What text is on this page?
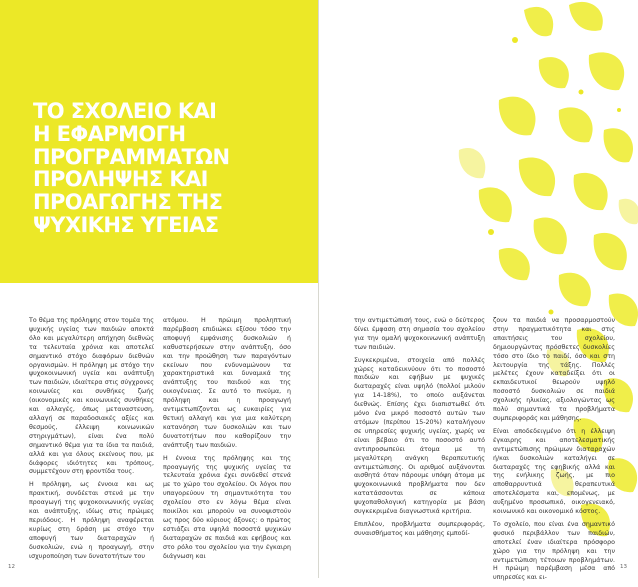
ΤΟ ΣΧΟΛΕΙΟ ΚΑΙ
Η ΕΦΑΡΜΟΓΗ
ΠΡΟΓΡΑΜΜΑΤΩΝ
ΠΡΟΛΗΨΗΣ ΚΑΙ
ΠΡΟΑΓΩΓΗΣ ΤΗΣ
ΨΥΧΙΚΗΣ ΥΓΕΙΑΣ

Το θέμα της πρόληψης στον τομέα της ψυχικής υγείας των παιδιών αποκτά όλο και μεγαλύτερη απήχηση διεθνώς τα τελευταία χρόνια και αποτελεί σημαντικό στόχο διαφόρων διεθνών οργανισμών. Η πρόληψη με στόχο την ψυχοκοινωνική υγεία και ανάπτυξη των παιδιών, ιδιαίτερα στις σύγχρονες κοινωνίες και συνθήκες ζωής (οικονομικές και κοινωνικές συνθήκες και αλλαγές, όπως μεταναστευση, αλλαγή σε παραδοσιακές αξίες και θεσμούς, έλλειψη κοινωνικών στηριγμάτων), είναι ένα πολύ σημαντικό θέμα για τα ίδια τα παιδιά, αλλά και για όλους εκείνους που, με διάφορες ιδιότητες και τρόπους, συμμετέχουν στη φροντίδα τους.

Η πρόληψη, ως έννοια και ως πρακτική, συνδέεται στενά με την προαγωγή της ψυχοκοινωνικής υγείας και ανάπτυξης, ιδίως στις πρώιμες περιόδους. Η πρόληψη αναφέρεται κυρίως στη δράση με στόχο την αποφυγή των διαταραχών ή δυσκολιών, ενώ η προαγωγή, στην ισχυροποίηση των δυνατοτήτων του

ατόμου. Η πρώιμη προληπτική παρέμβαση επιδιώκει εξίσου τόσο την αποφυγή εμφάνισης δυσκολιών ή καθυστερήσεων στην ανάπτυξη, όσο και την προώθηση των παραγόντων εκείνων που ενδυναμώνουν τα χαρακτηριστικά και δυναμικά της ανάπτυξης του παιδιού και της οικογένειας. Σε αυτό το πνεύμα, η πρόληψη και η προαγωγή αντιμετωπίζονται ως ευκαιρίες για θετική αλλαγή και για μια καλύτερη κατανόηση των δυσκολιών και των δυνατοτήτων που καθορίζουν την ανάπτυξη των παιδιών.

Η έννοια της πρόληψης και της προαγωγής της ψυχικής υγείας τα τελευταία χρόνια έχει συνδεθεί στενά με το χώρο του σχολείου. Οι λόγοι που υπαγορεύουν τη σημαντικότητα του σχολείου στο εν λόγω θέμα είναι ποικίλοι και μπορούν να συνοψιστούν ως προς δύο κύριους άξονες: ο πρώτος εστιάζει στα υψηλά ποσοστά ψυχικών διαταραχών σε παιδιά και εφήβους και στο ρόλο του σχολείου για την έγκαιρη διάγνωση και

την αντιμετώπισή τους, ενώ ο δεύτερος δίνει έμφαση στη σημασία του σχολείου για την ομαλή ψυχοκοινωνική ανάπτυξη των παιδιών.

Συγκεκριμένα, στοιχεία από πολλές χώρες καταδεικνύουν ότι το ποσοστό παιδιών και εφήβων με ψυχικές διαταραχές είναι υψηλό (πολλοί μιλούν για 14-18%), το οποίο αυξάνεται διεθνώς. Επίσης έχει διαπιστωθεί ότι μόνο ένα μικρό ποσοστό αυτών των ατόμων (περίπου 15-20%) καταλήγουν σε υπηρεσίες ψυχικής υγείας, χωρίς να είναι βέβαιο ότι το ποσοστό αυτό αντιπροσωπεύει άτομα με τη μεγαλύτερη ανάγκη θεραπευτικής αντιμετώπισης. Οι αριθμοί αυξάνονται αισθητά όταν πάρουμε υπόψη άτομα με ψυχοκοινωνικά προβλήματα που δεν κατατάσσονται σε κάποια ψυχοπαθολογική κατηγορία με βάση συγκεκριμένα διαγνωστικά κριτήρια.

Επιπλέον, προβλήματα συμπεριφοράς, συναισθήματος και μάθησης εμποδί-

ζουν τα παιδιά να προσαρμοστούν στην πραγματικότητα και στις απαιτήσεις του σχολείου, δημιουργώντας πρόσθετες δυσκολίες τόσο στο ίδιο το παιδί, όσο και στη λειτουργία της τάξης. Πολλές μελέτες έχουν καταδείξει ότι οι εκπαιδευτικοί θεωρούν υψηλό ποσοστό δυσκολιών σε παιδιά σχολικής ηλικίας, αξιολογώντας ως πολύ σημαντικά τα προβλήματα συμπεριφοράς και μάθησης.

Είναι αποδεδειγμένο ότι η έλλειψη έγκαιρης και αποτελεσματικής αντιμετώπισης πρώιμων διαταραχών ή/και δυσκολιών καταλήγει σε διαταραχές της εφηβικής αλλά και της ενήλικης ζωής, με πιο αποθαρρυντικά θεραπευτικά αποτελέσματα και, επομένως, με αυξημένο προσωπικό, οικογενειακό, κοινωνικό και οικονομικό κόστος.

Το σχολείο, που είναι ένα σημαντικό φυσικό περιβάλλον των παιδιών, αποτελεί έναν ιδιαίτερα πρόσφορο χώρο για την πρόληψη και την αντιμετώπιση τέτοιων προβλημάτων. Η πρώιμη παρέμβαση μέσα από υπηρεσίες και ει-

12	13
